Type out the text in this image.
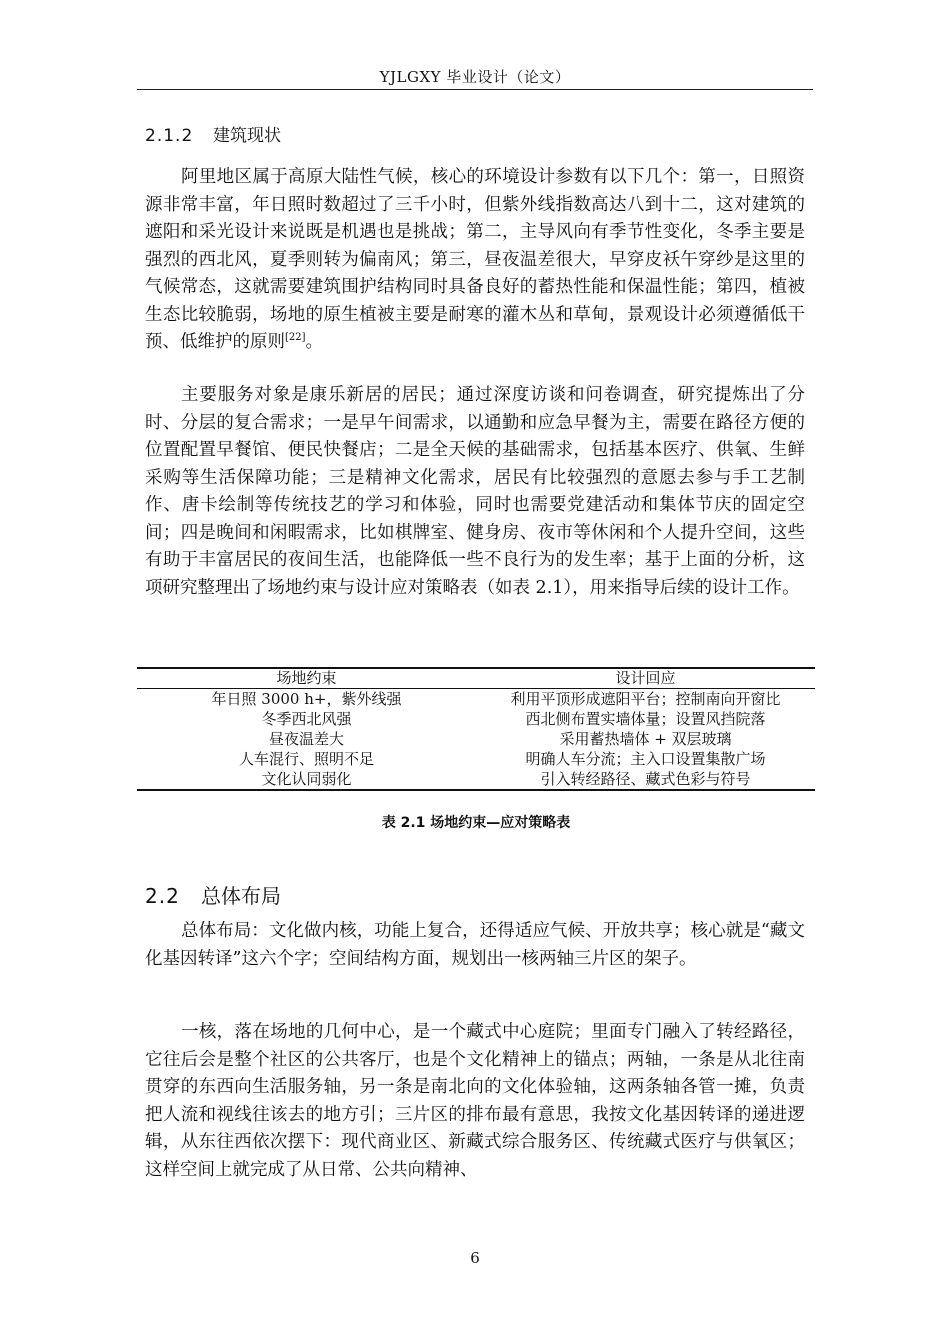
YJLGXY 毕业设计（论文）
2.1.2 建筑现状

阿里地区属于高原大陆性气候，核心的环境设计参数有以下几个：第一，日照资源非常丰富，年日照时数超过了三千小时，但紫外线指数高达八到十二，这对建筑的遮阳和采光设计来说既是机遇也是挑战；第二，主导风向有季节性变化，冬季主要是强烈的西北风，夏季则转为偏南风；第三，昼夜温差很大，早穿皮袄午穿纱是这里的气候常态，这就需要建筑围护结构同时具备良好的蓄热性能和保温性能；第四，植被生态比较脆弱，场地的原生植被主要是耐寒的灌木丛和草甸，景观设计必须遵循低干预、低维护的原则[22]。

主要服务对象是康乐新居的居民；通过深度访谈和问卷调查，研究提炼出了分时、分层的复合需求；一是早午间需求，以通勤和应急早餐为主，需要在路径方便的位置配置早餐馆、便民快餐店；二是全天候的基础需求，包括基本医疗、供氧、生鲜采购等生活保障功能；三是精神文化需求，居民有比较强烈的意愿去参与手工艺制作、唐卡绘制等传统技艺的学习和体验，同时也需要党建活动和集体节庆的固定空间；四是晚间和闲暇需求，比如棋牌室、健身房、夜市等休闲和个人提升空间，这些有助于丰富居民的夜间生活，也能降低一些不良行为的发生率；基于上面的分析，这项研究整理出了场地约束与设计应对策略表（如表 2.1），用来指导后续的设计工作。

场地约束	设计回应
年日照 3000 h+，紫外线强	利用平顶形成遮阳平台；控制南向开窗比
冬季西北风强	西北侧布置实墙体量；设置风挡院落
昼夜温差大	采用蓄热墙体 + 双层玻璃
人车混行、照明不足	明确人车分流；主入口设置集散广场
文化认同弱化	引入转经路径、藏式色彩与符号
表 2.1 场地约束—应对策略表
2.2 总体布局

总体布局：文化做内核，功能上复合，还得适应气候、开放共享；核心就是“藏文化基因转译”这六个字；空间结构方面，规划出一核两轴三片区的架子。

一核，落在场地的几何中心，是一个藏式中心庭院；里面专门融入了转经路径，它往后会是整个社区的公共客厅，也是个文化精神上的锚点；两轴，一条是从北往南贯穿的东西向生活服务轴，另一条是南北向的文化体验轴，这两条轴各管一摊，负责把人流和视线往该去的地方引；三片区的排布最有意思，我按文化基因转译的递进逻辑，从东往西依次摆下：现代商业区、新藏式综合服务区、传统藏式医疗与供氧区；这样空间上就完成了从日常、公共向精神、

6
